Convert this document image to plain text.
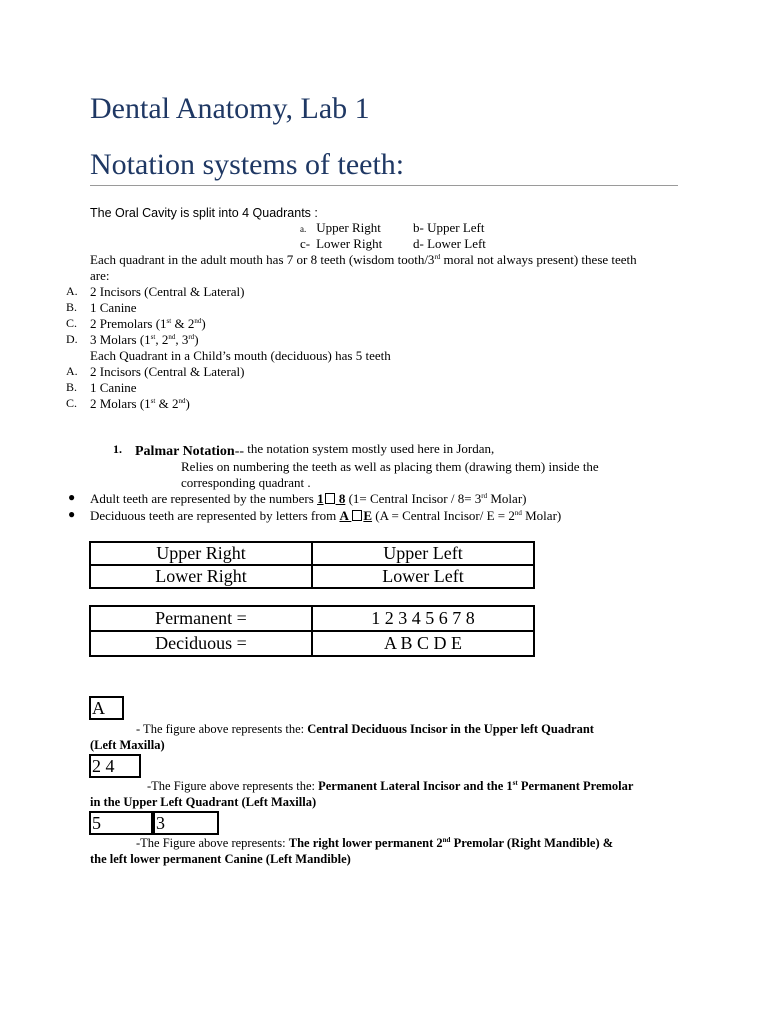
Dental Anatomy, Lab 1
Notation systems of teeth:
The Oral Cavity is split into 4 Quadrants :
a. Upper Right b- Upper Left
c- Lower Right d- Lower Left
Each quadrant in the adult mouth has 7 or 8 teeth (wisdom tooth/3rd moral not always present) these teeth
are:
A. 2 Incisors (Central & Lateral)
B. 1 Canine
C. 2 Premolars (1st & 2nd)
D. 3 Molars (1st, 2nd, 3rd)
Each Quadrant in a Child’s mouth (deciduous) has 5 teeth
A. 2 Incisors (Central & Lateral)
B. 1 Canine
C. 2 Molars (1st & 2nd)
1. Palmar Notation-- the notation system mostly used here in Jordan,
Relies on numbering the teeth as well as placing them (drawing them) inside the
corresponding quadrant .
● Adult teeth are represented by the numbers 1 8 (1= Central Incisor / 8= 3rd Molar)
● Deciduous teeth are represented by letters from A E (A = Central Incisor/ E = 2nd Molar)
Upper Right	Upper Left
Lower Right	Lower Left
Permanent =	1 2 3 4 5 6 7 8
Deciduous =	A B C D E
A
- The figure above represents the: Central Deciduous Incisor in the Upper left Quadrant
(Left Maxilla)
2 4
-The Figure above represents the: Permanent Lateral Incisor and the 1st Permanent Premolar
in the Upper Left Quadrant (Left Maxilla)
5	3
-The Figure above represents: The right lower permanent 2nd Premolar (Right Mandible) &
the left lower permanent Canine (Left Mandible)
